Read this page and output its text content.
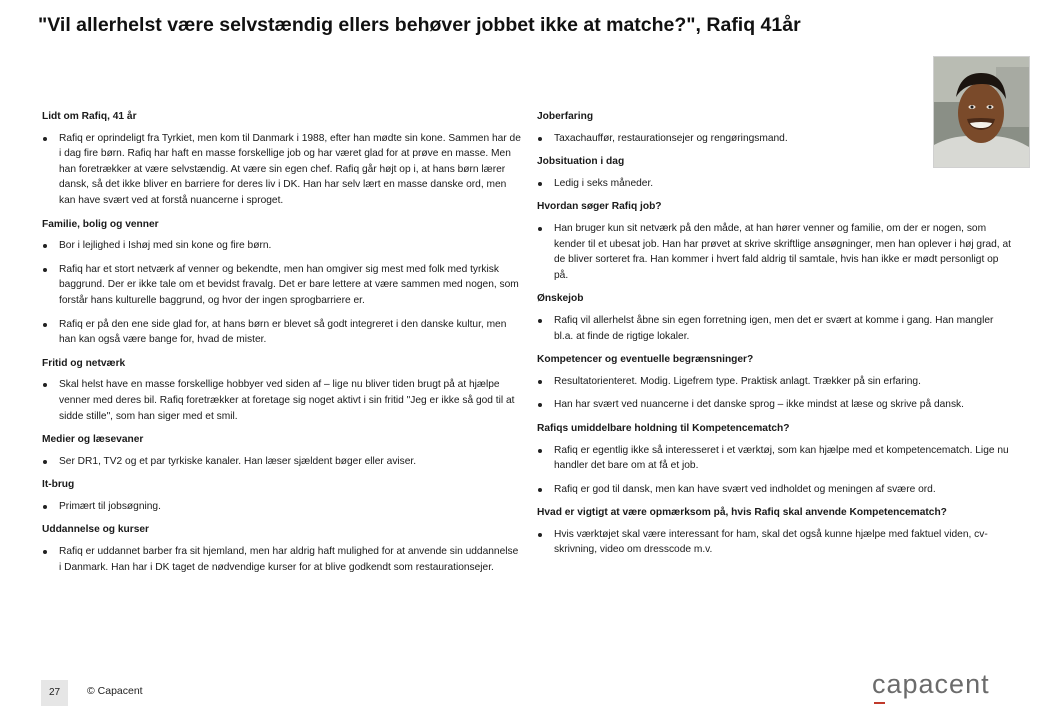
"Vil allerhelst være selvstændig ellers behøver jobbet ikke at matche?", Rafiq 41år
Lidt om Rafiq, 41 år
Rafiq er oprindeligt fra Tyrkiet, men kom til Danmark i 1988, efter han mødte sin kone. Sammen har de i dag fire børn. Rafiq har haft en masse forskellige job og har været glad for at prøve en masse. Men han foretrækker at være selvstændig. At være sin egen chef. Rafiq går højt op i, at hans børn lærer dansk, så det ikke bliver en barriere for deres liv i DK. Han har selv lært en masse danske ord, men kan have svært ved at forstå nuancerne i sproget.
Familie, bolig og venner
Bor i lejlighed i Ishøj med sin kone og fire børn.
Rafiq har et stort netværk af venner og bekendte, men han omgiver sig mest med folk med tyrkisk baggrund. Der er ikke tale om et bevidst fravalg. Det er bare lettere at være sammen med nogen, som forstår hans kulturelle baggrund, og hvor der ingen sprogbarriere er.
Rafiq er på den ene side glad for, at hans børn er blevet så godt integreret i den danske kultur, men han kan også være bange for, hvad de mister.
Fritid og netværk
Skal helst have en masse forskellige hobbyer ved siden af – lige nu bliver tiden brugt på at hjælpe venner med deres bil. Rafiq foretrækker at foretage sig noget aktivt i sin fritid "Jeg er ikke så god til at sidde stille", som han siger med et smil.
Medier og læsevaner
Ser DR1, TV2 og et par tyrkiske kanaler. Han læser sjældent bøger eller aviser.
It-brug
Primært til jobsøgning.
Uddannelse og kurser
Rafiq er uddannet barber fra sit hjemland, men har aldrig haft mulighed for at anvende sin uddannelse i Danmark. Han har i DK taget de nødvendige kurser for at blive godkendt som restaurationsejer.
Joberfaring
Taxachauffør, restaurationsejer og rengøringsmand.
Jobsituation i dag
Ledig i seks måneder.
Hvordan søger Rafiq job?
Han bruger kun sit netværk på den måde, at han hører venner og familie, om der er nogen, som kender til et ubesat job. Han har prøvet at skrive skriftlige ansøgninger, men han oplever i høj grad, at de bliver sorteret fra. Han kommer i hvert fald aldrig til samtale, hvis han ikke er mødt personligt op på.
Ønskejob
Rafiq vil allerhelst åbne sin egen forretning igen, men det er svært at komme i gang. Han mangler bl.a. at finde de rigtige lokaler.
Kompetencer og eventuelle begrænsninger?
Resultatorienteret. Modig. Ligefrem type. Praktisk anlagt. Trækker på sin erfaring.
Han har svært ved nuancerne i det danske sprog – ikke mindst at læse og skrive på dansk.
Rafiqs umiddelbare holdning til Kompetencematch?
Rafiq er egentlig ikke så interesseret i et værktøj, som kan hjælpe med et kompetencematch. Lige nu handler det bare om at få et job.
Rafiq er god til dansk, men kan have svært ved indholdet og meningen af svære ord.
Hvad er vigtigt at være opmærksom på, hvis Rafiq skal anvende Kompetencematch?
Hvis værktøjet skal være interessant for ham, skal det også kunne hjælpe med faktuel viden, cv-skrivning, video om dresscode m.v.
27	© Capacent	capacent
